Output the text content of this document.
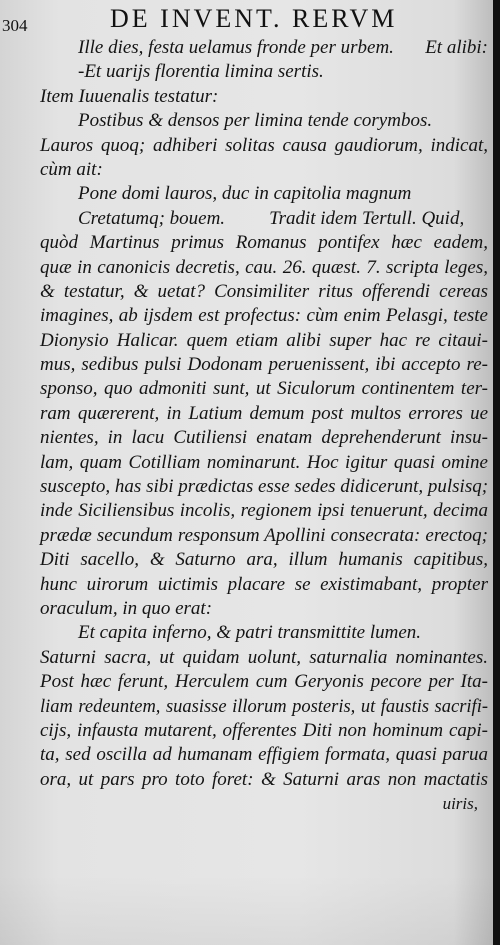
304	DE INVENT. RERVM
Ille dies, festa uelamus fronde per urbem. Et alibi:
-Et uarijs florentia limina sertis.
Item Iuuenalis testatur:
Postibus & densos per limina tende corymbos.
Lauros quoq; adhiberi solitas causa gaudiorum, indicat,
cùm ait:
Pone domi lauros, duc in capitolia magnum
Cretatumq; bouem. Tradit idem Tertull. Quid,
quòd Martinus primus Romanus pontifex hæc eadem,
quæ in canonicis decretis, cau. 26. quæst. 7. scripta leges,
& testatur, & uetat? Consimiliter ritus offerendi cereas
imagines, ab ijsdem est profectus: cùm enim Pelasgi, teste
Dionysio Halicar. quem etiam alibi super hac re citaui-
mus, sedibus pulsi Dodonam peruenissent, ibi accepto re-
sponso, quo admoniti sunt, ut Siculorum continentem ter-
ram quærerent, in Latium demum post multos errores ue
nientes, in lacu Cutiliensi enatam deprehenderunt insu-
lam, quam Cotilliam nominarunt. Hoc igitur quasi omine
suscepto, has sibi prædictas esse sedes didicerunt, pulsisq;
inde Siciliensibus incolis, regionem ipsi tenuerunt, decima
prædæ secundum responsum Apollini consecrata: erectoq;
Diti sacello, & Saturno ara, illum humanis capitibus,
hunc uirorum uictimis placare se existimabant, propter
oraculum, in quo erat:
Et capita inferno, & patri transmittite lumen.
Saturni sacra, ut quidam uolunt, saturnalia nominantes.
Post hæc ferunt, Herculem cum Geryonis pecore per Ita-
liam redeuntem, suasisse illorum posteris, ut faustis sacrifi-
cijs, infausta mutarent, offerentes Diti non hominum capi-
ta, sed oscilla ad humanam effigiem formata, quasi parua
ora, ut pars pro toto foret: & Saturni aras non mactatis
uiris,
